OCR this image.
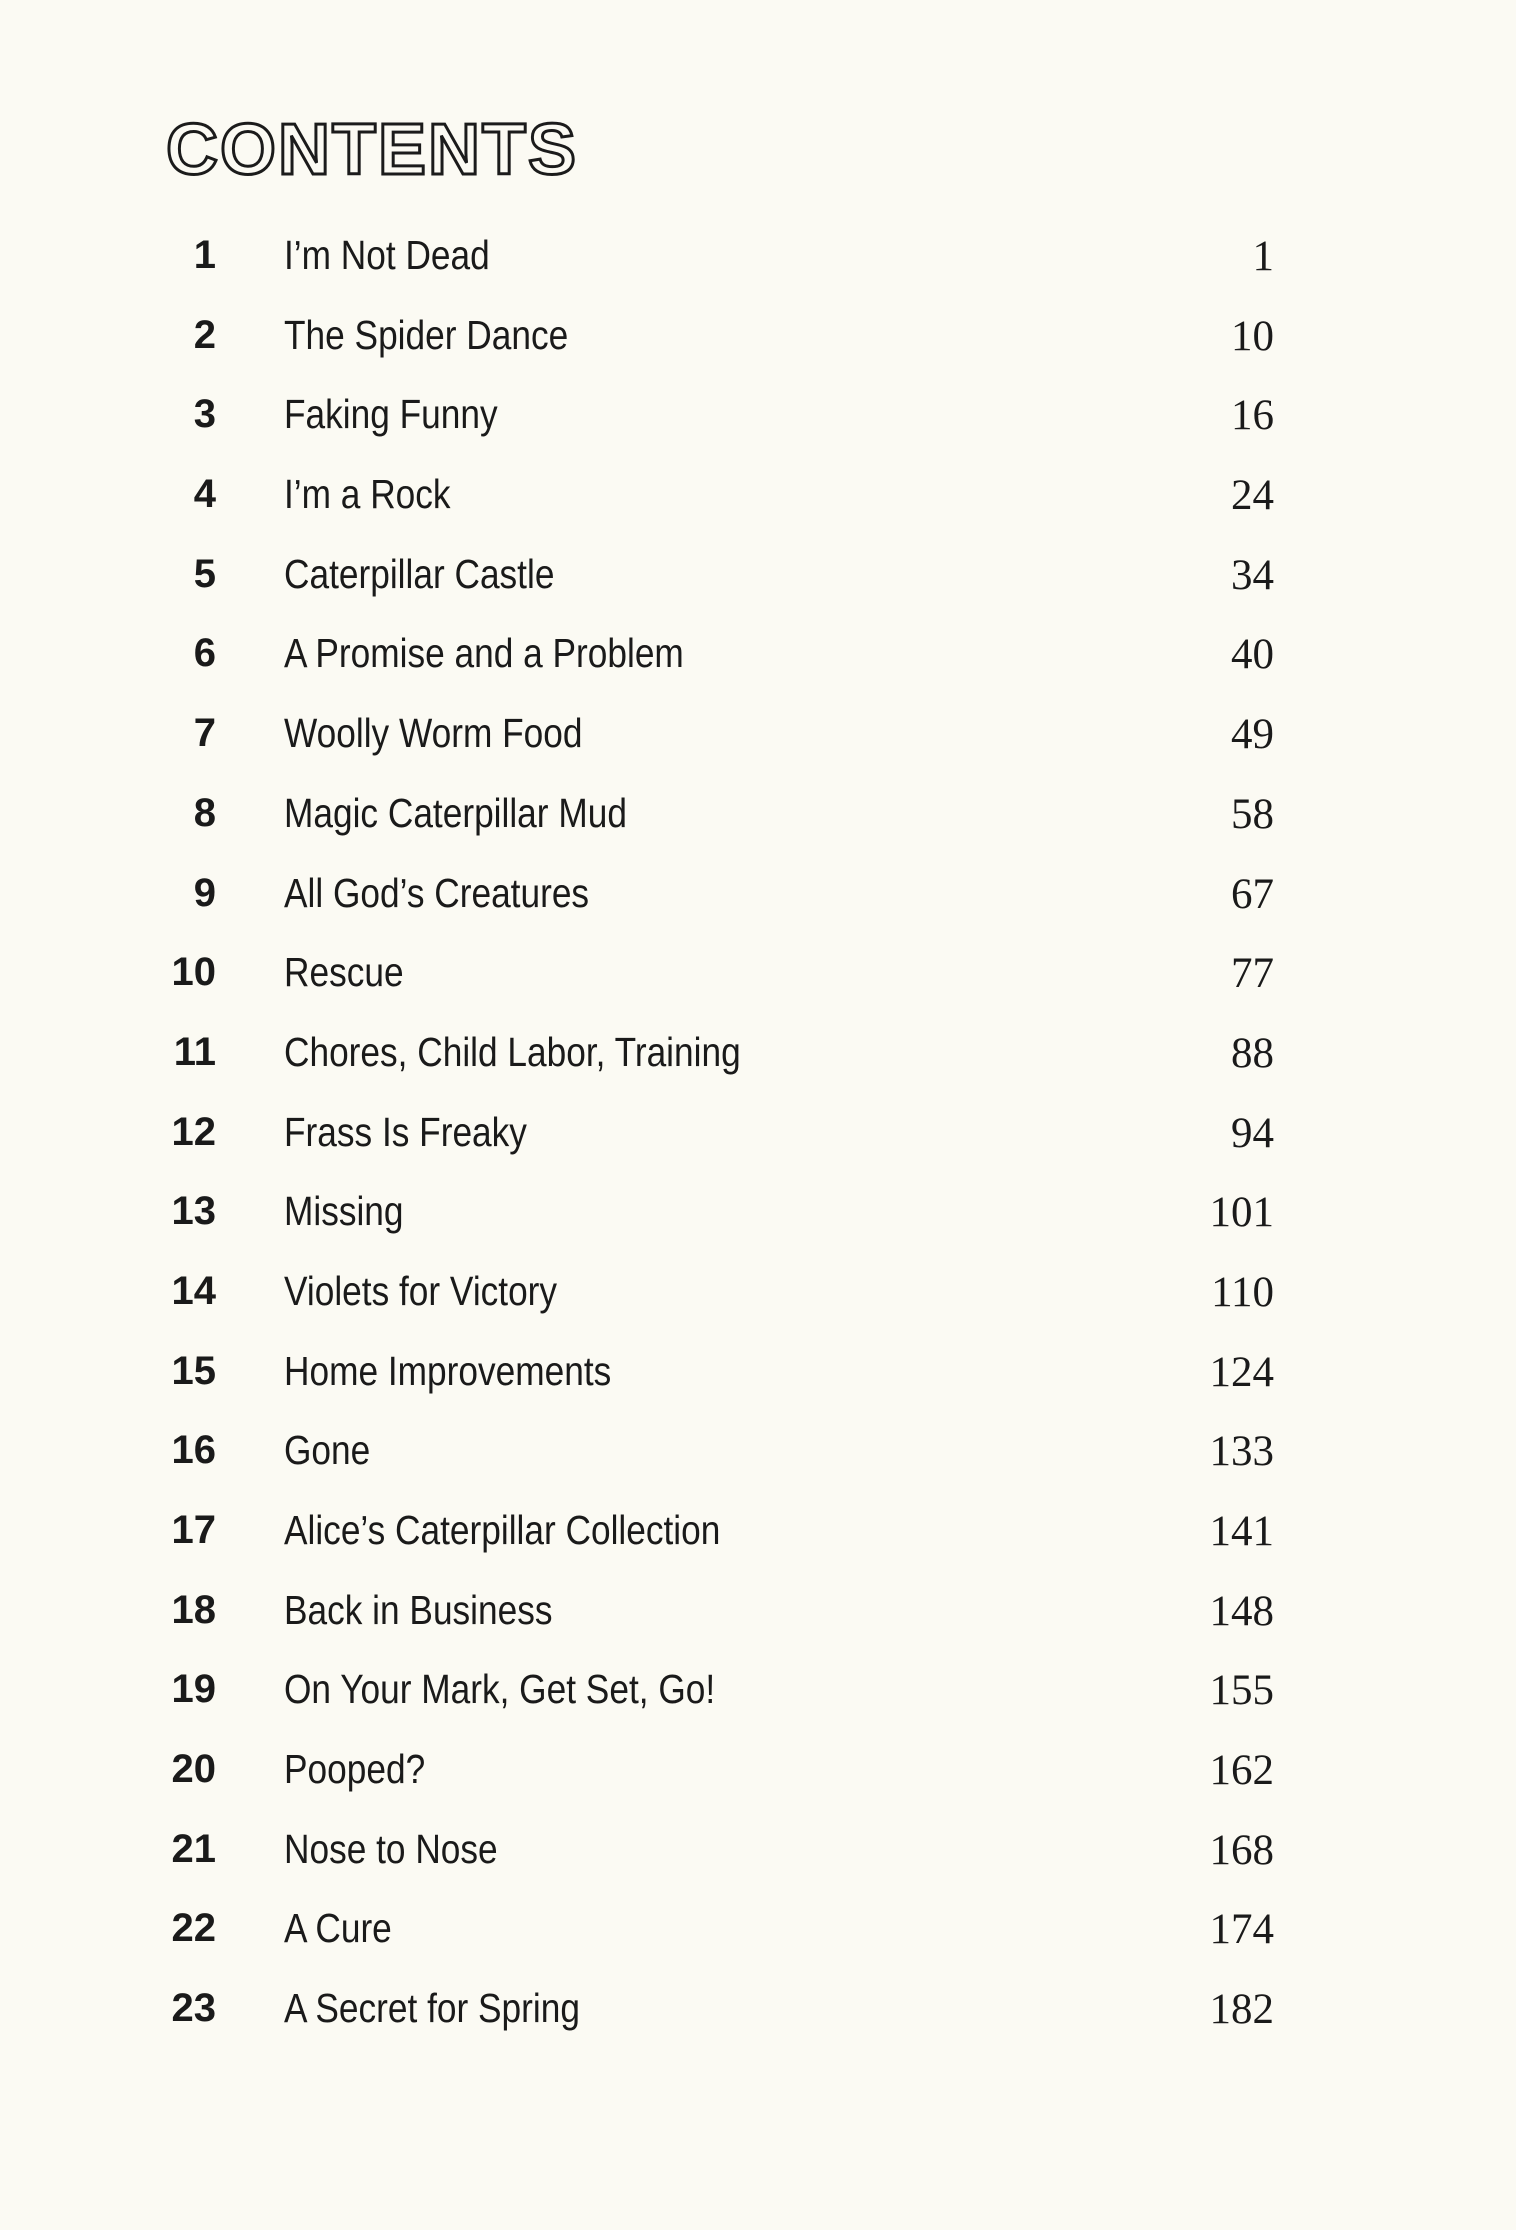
CONTENTS
1 I’m Not Dead	1
2 The Spider Dance	10
3 Faking Funny	16
4 I’m a Rock	24
5 Caterpillar Castle	34
6 A Promise and a Problem	40
7 Woolly Worm Food	49
8 Magic Caterpillar Mud	58
9 All God’s Creatures	67
10 Rescue	77
11 Chores, Child Labor, Training	88
12 Frass Is Freaky	94
13 Missing	101
14 Violets for Victory	110
15 Home Improvements	124
16 Gone	133
17 Alice’s Caterpillar Collection	141
18 Back in Business	148
19 On Your Mark, Get Set, Go!	155
20 Pooped?	162
21 Nose to Nose	168
22 A Cure	174
23 A Secret for Spring	182
